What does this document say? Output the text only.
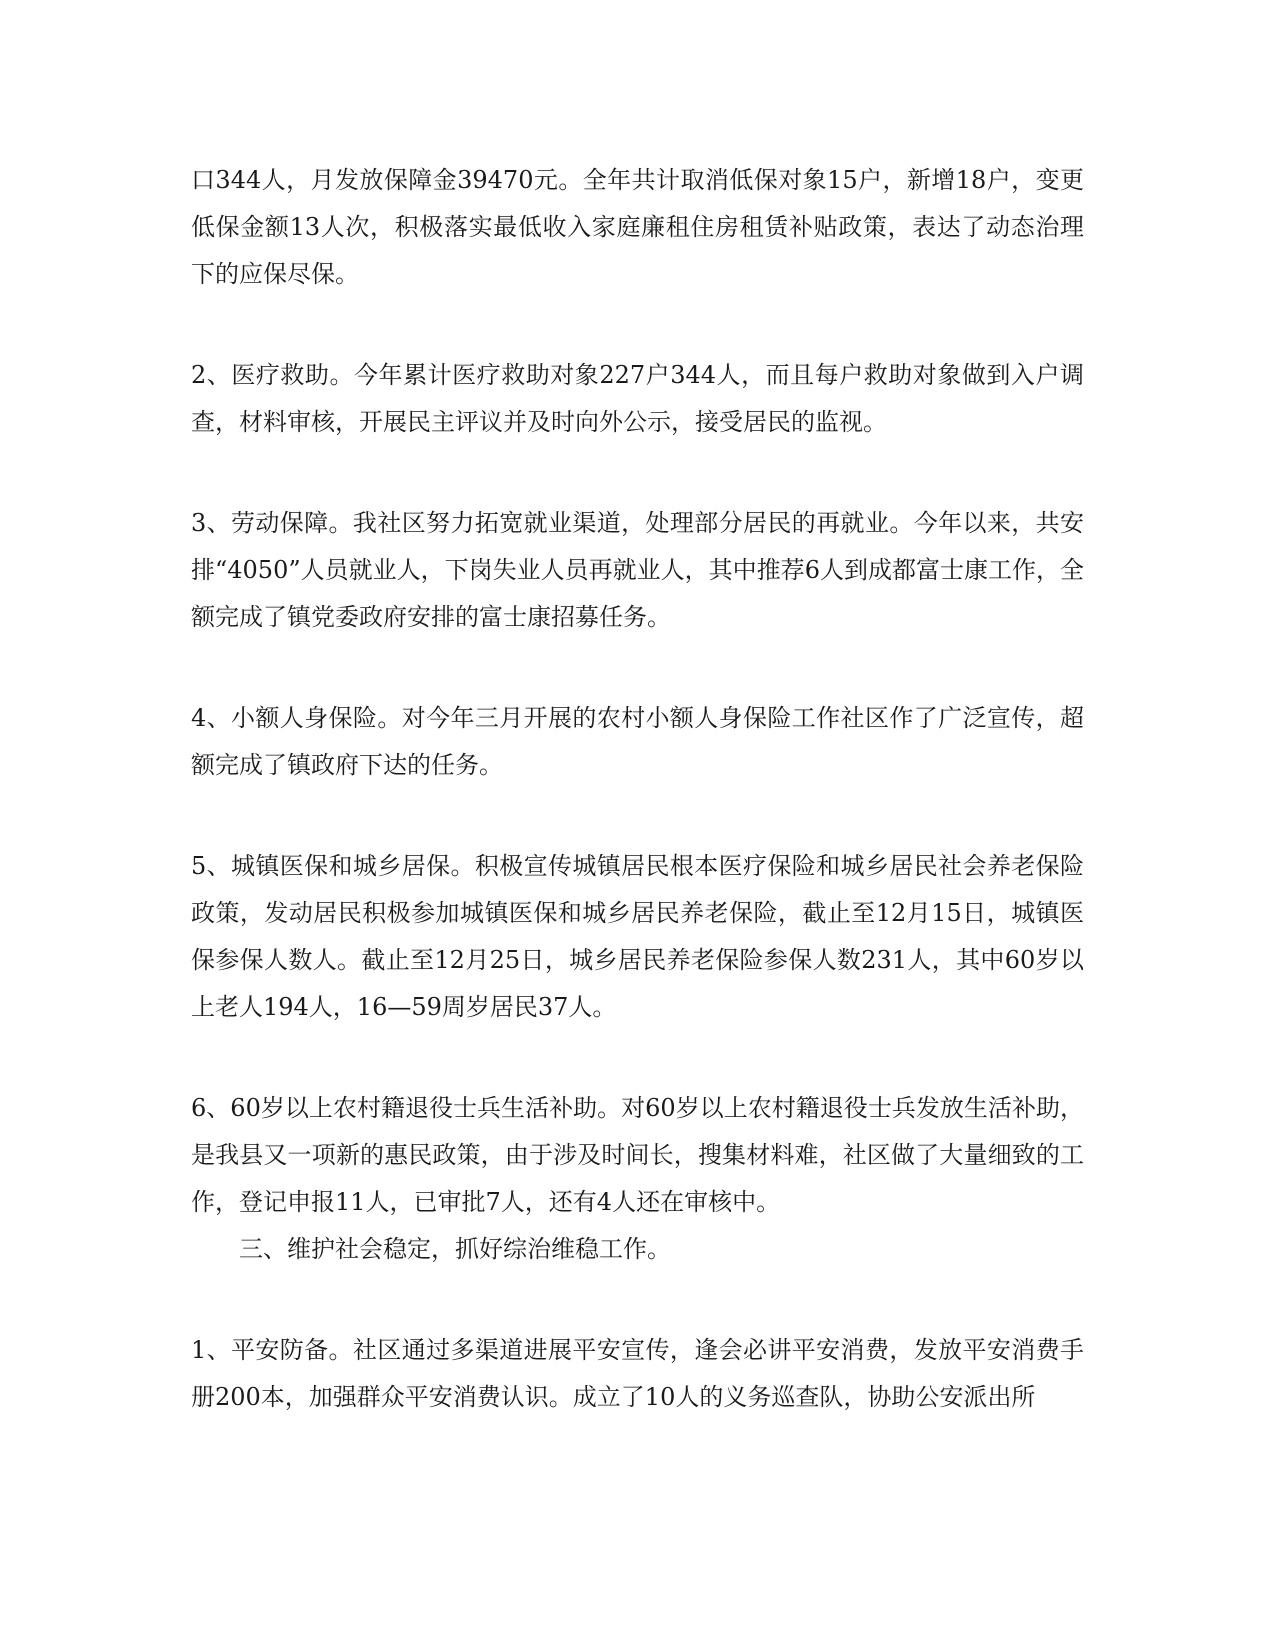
口344人，月发放保障金39470元。全年共计取消低保对象15户，新增18户，变更低保金额13人次，积极落实最低收入家庭廉租住房租赁补贴政策，表达了动态治理下的应保尽保。

2、医疗救助。今年累计医疗救助对象227户344人，而且每户救助对象做到入户调查，材料审核，开展民主评议并及时向外公示，接受居民的监视。

3、劳动保障。我社区努力拓宽就业渠道，处理部分居民的再就业。今年以来，共安排“4050”人员就业人，下岗失业人员再就业人，其中推荐6人到成都富士康工作，全额完成了镇党委政府安排的富士康招募任务。

4、小额人身保险。对今年三月开展的农村小额人身保险工作社区作了广泛宣传，超额完成了镇政府下达的任务。

5、城镇医保和城乡居保。积极宣传城镇居民根本医疗保险和城乡居民社会养老保险政策，发动居民积极参加城镇医保和城乡居民养老保险，截止至12月15日，城镇医保参保人数人。截止至12月25日，城乡居民养老保险参保人数231人，其中60岁以上老人194人，16—59周岁居民37人。

6、60岁以上农村籍退役士兵生活补助。对60岁以上农村籍退役士兵发放生活补助，是我县又一项新的惠民政策，由于涉及时间长，搜集材料难，社区做了大量细致的工作，登记申报11人，已审批7人，还有4人还在审核中。

三、维护社会稳定，抓好综治维稳工作。

1、平安防备。社区通过多渠道进展平安宣传，逢会必讲平安消费，发放平安消费手册200本，加强群众平安消费认识。成立了10人的义务巡查队，协助公安派出所
